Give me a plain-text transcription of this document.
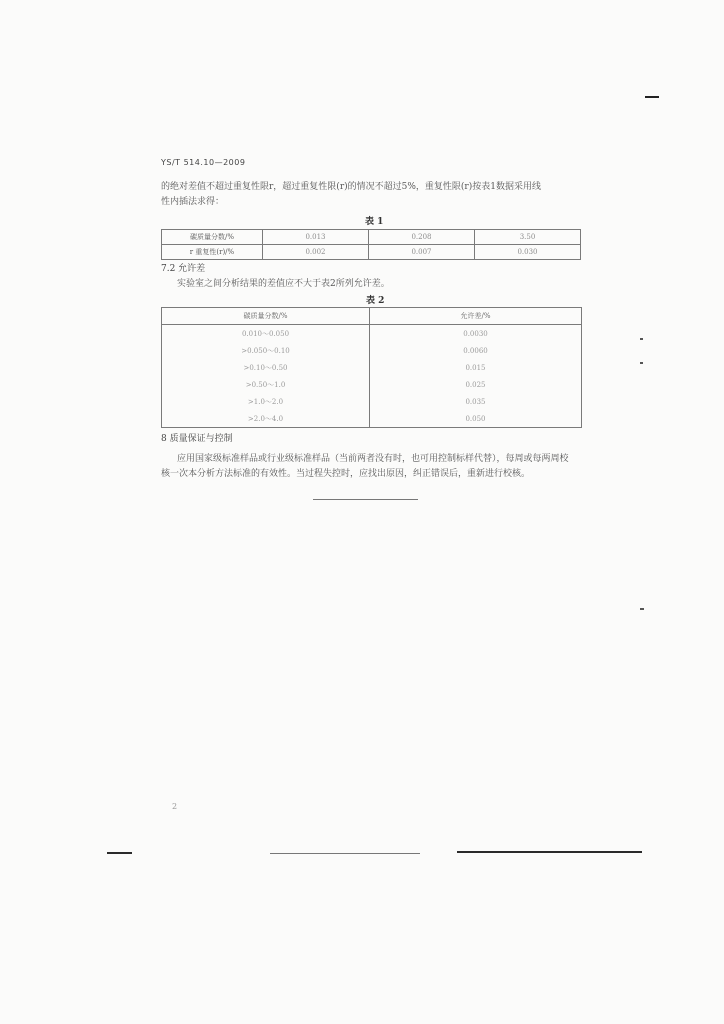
YS/T 514.10—2009
的绝对差值不超过重复性限r，超过重复性限(r)的情况不超过5%，重复性限(r)按表1数据采用线
性内插法求得：
表 1
碳质量分数/%	0.013	0.208	3.50
r 重复性(r)/%	0.002	0.007	0.030
7.2 允许差
实验室之间分析结果的差值应不大于表2所列允许差。
表 2
碳质量分数/%	允许差/%
0.010～0.050	0.0030
>0.050～0.10	0.0060
>0.10～0.50	0.015
>0.50～1.0	0.025
>1.0～2.0	0.035
>2.0～4.0	0.050
8 质量保证与控制
应用国家级标准样品或行业级标准样品（当前两者没有时，也可用控制标样代替），每周或每两周校
核一次本分析方法标准的有效性。当过程失控时，应找出原因，纠正错误后，重新进行校核。
2
